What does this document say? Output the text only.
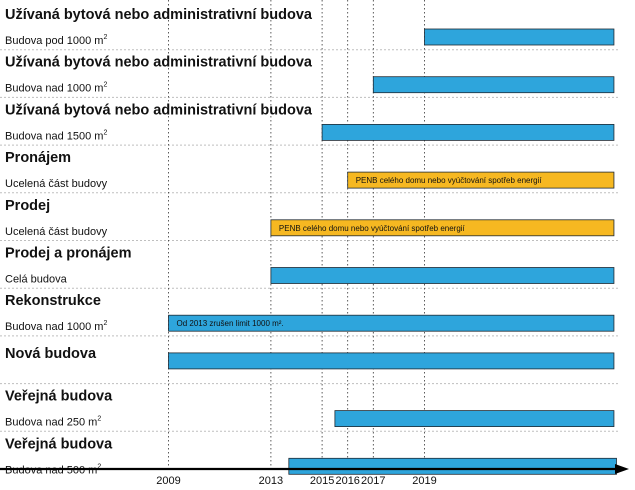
Užívaná bytová nebo administrativní budova
Budova pod 1000 $m^2$
Užívaná bytová nebo administrativní budova
Budova nad 1000 $m^2$
Užívaná bytová nebo administrativní budova
Budova nad 1500 $m^2$
Pronájem
Ucelená část budovy	PENB celého domu nebo vyúčtování spotřeb energií
Prodej
Ucelená část budovy	PENB celého domu nebo vyúčtování spotřeb energií
Prodej a pronájem
Celá budova
Rekonstrukce
Budova nad 1000 $m^2$	Od 2013 zrušen limit 1000 m².
Nová budova
Veřejná budova
Budova nad 250 $m^2$
Veřejná budova
Budova nad 500 $m^2$
2009	2013 2015 2016 2017 2019
